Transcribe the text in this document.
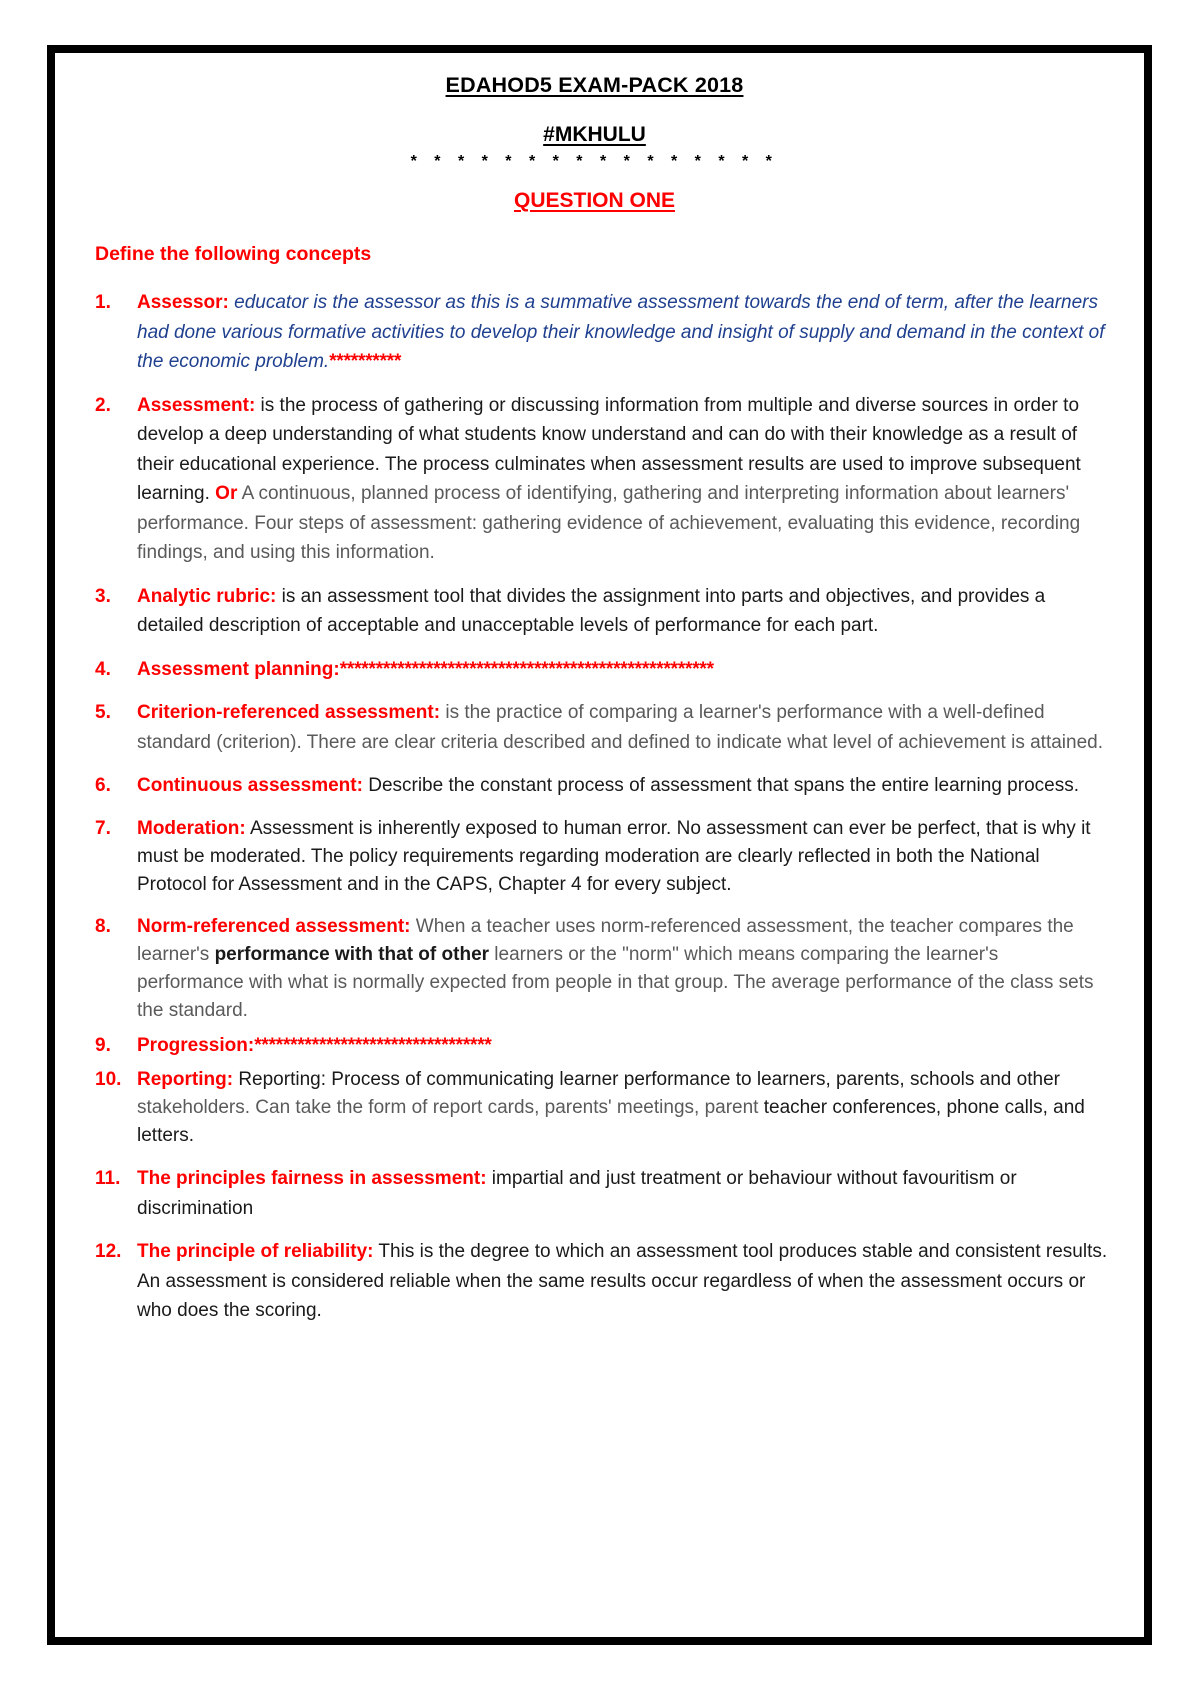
EDAHOD5 EXAM-PACK 2018
#MKHULU
* * * * * * * * * * * * * * * *
QUESTION ONE
Define the following concepts
1.	Assessor: educator is the assessor as this is a summative assessment towards the end of term, after the learners had done various formative activities to develop their knowledge and insight of supply and demand in the context of the economic problem.**********
2.	Assessment: is the process of gathering or discussing information from multiple and diverse sources in order to develop a deep understanding of what students know understand and can do with their knowledge as a result of their educational experience. The process culminates when assessment results are used to improve subsequent learning. Or A continuous, planned process of identifying, gathering and interpreting information about learners' performance. Four steps of assessment: gathering evidence of achievement, evaluating this evidence, recording findings, and using this information.
3.	Analytic rubric: is an assessment tool that divides the assignment into parts and objectives, and provides a detailed description of acceptable and unacceptable levels of performance for each part.
4.	Assessment planning:****************************************************
5.	Criterion-referenced assessment: is the practice of comparing a learner's performance with a well-defined standard (criterion). There are clear criteria described and defined to indicate what level of achievement is attained.
6.	Continuous assessment: Describe the constant process of assessment that spans the entire learning process.
7.	Moderation: Assessment is inherently exposed to human error. No assessment can ever be perfect, that is why it must be moderated. The policy requirements regarding moderation are clearly reflected in both the National Protocol for Assessment and in the CAPS, Chapter 4 for every subject.
8.	Norm-referenced assessment: When a teacher uses norm-referenced assessment, the teacher compares the learner's performance with that of other learners or the "norm" which means comparing the learner's performance with what is normally expected from people in that group. The average performance of the class sets the standard.
9.	Progression:*********************************
10. Reporting: Reporting: Process of communicating learner performance to learners, parents, schools and other stakeholders. Can take the form of report cards, parents' meetings, parent teacher conferences, phone calls, and letters.
11. The principles fairness in assessment: impartial and just treatment or behaviour without favouritism or discrimination
12. The principle of reliability: This is the degree to which an assessment tool produces stable and consistent results. An assessment is considered reliable when the same results occur regardless of when the assessment occurs or who does the scoring.
